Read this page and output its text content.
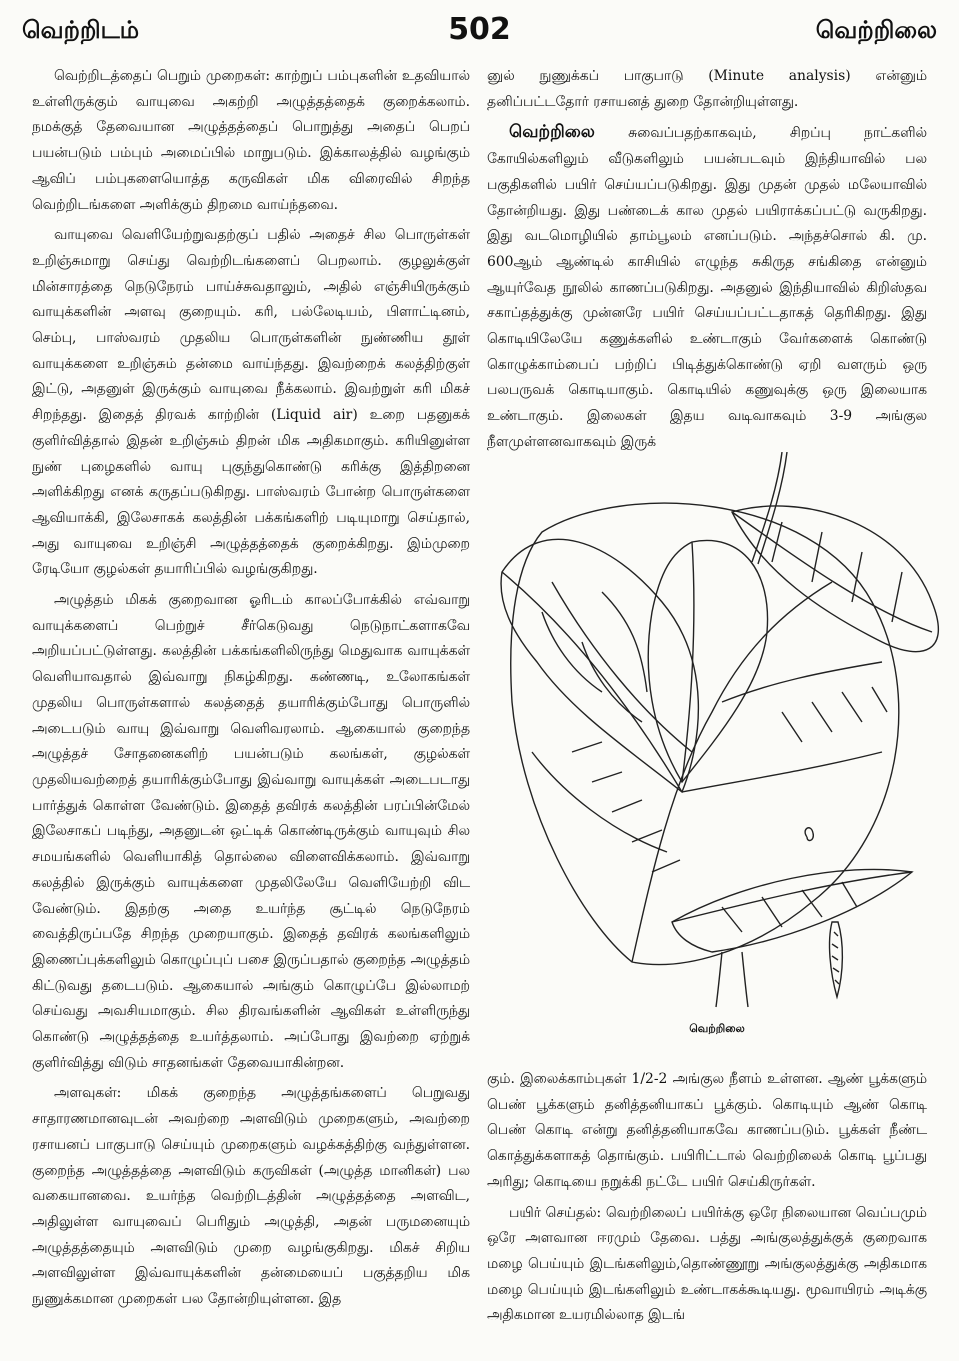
வெற்றிடம்	502	வெற்றிலை

வெற்றிடத்தைப் பெறும் முறைகள்: காற்றுப் பம்புகளின் உதவியால் உள்ளிருக்கும் வாயுவை அகற்றி அழுத்தத்தைக் குறைக்கலாம். நமக்குத் தேவையான அழுத்தத்தைப் பொறுத்து அதைப் பெறப் பயன்படும் பம்பும் அமைப்பில் மாறுபடும். இக்காலத்தில் வழங்கும் ஆவிப் பம்புகளையொத்த கருவிகள் மிக விரைவில் சிறந்த வெற்றிடங்களை அளிக்கும் திறமை வாய்ந்தவை.

வாயுவை வெளியேற்றுவதற்குப் பதில் அதைச் சில பொருள்கள் உறிஞ்சுமாறு செய்து வெற்றிடங்களைப் பெறலாம். குழலுக்குள் மின்சாரத்தை நெடுநேரம் பாய்ச்சுவதாலும், அதில் எஞ்சியிருக்கும் வாயுக்களின் அளவு குறையும். கரி, பல்லேடியம், பிளாட்டினம், செம்பு, பாஸ்வரம் முதலிய பொருள்களின் நுண்ணிய தூள் வாயுக்களை உறிஞ்சும் தன்மை வாய்ந்தது. இவற்றைக் கலத்திற்குள் இட்டு, அதனுள் இருக்கும் வாயுவை நீக்கலாம். இவற்றுள் கரி மிகச் சிறந்தது. இதைத் திரவக் காற்றின் (Liquid air) உறை பதனுகக் குளிர்வித்தால் இதன் உறிஞ்சும் திறன் மிக அதிகமாகும். கரியினுள்ள நுண் புழைகளில் வாயு புகுந்துகொண்டு கரிக்கு இத்திறனை அளிக்கிறது எனக் கருதப்படுகிறது. பாஸ்வரம் போன்ற பொருள்களை ஆவியாக்கி, இலேசாகக் கலத்தின் பக்கங்களிற் படியுமாறு செய்தால், அது வாயுவை உறிஞ்சி அழுத்தத்தைக் குறைக்கிறது. இம்முறை ரேடியோ குழல்கள் தயாரிப்பில் வழங்குகிறது.

அழுத்தம் மிகக் குறைவான ஓரிடம் காலப்போக்கில் எவ்வாறு வாயுக்களைப் பெற்றுச் சீர்கெடுவது நெடுநாட்களாகவே அறியப்பட்டுள்ளது. கலத்தின் பக்கங்களிலிருந்து மெதுவாக வாயுக்கள் வெளியாவதால் இவ்வாறு நிகழ்கிறது. கண்ணடி, உலோகங்கள் முதலிய பொருள்களால் கலத்தைத் தயாரிக்கும்போது பொருளில் அடைபடும் வாயு இவ்வாறு வெளிவரலாம். ஆகையால் குறைந்த அழுத்தச் சோதனைகளிற் பயன்படும் கலங்கள், குழல்கள் முதலியவற்றைத் தயாரிக்கும்போது இவ்வாறு வாயுக்கள் அடைபடாது பார்த்துக் கொள்ள வேண்டும். இதைத் தவிரக் கலத்தின் பரப்பின்மேல் இலேசாகப் படிந்து, அதனுடன் ஒட்டிக் கொண்டிருக்கும் வாயுவும் சில சமயங்களில் வெளியாகித் தொல்லை விளைவிக்கலாம். இவ்வாறு கலத்தில் இருக்கும் வாயுக்களை முதலிலேயே வெளியேற்றி விட வேண்டும். இதற்கு அதை உயர்ந்த சூட்டில் நெடுநேரம் வைத்திருப்பதே சிறந்த முறையாகும். இதைத் தவிரக் கலங்களிலும் இணைப்புக்களிலும் கொழுப்புப் பசை இருப்பதால் குறைந்த அழுத்தம் கிட்டுவது தடைபடும். ஆகையால் அங்கும் கொழுப்பே இல்லாமற் செய்வது அவசியமாகும். சில திரவங்களின் ஆவிகள் உள்ளிருந்து கொண்டு அழுத்தத்தை உயர்த்தலாம். அப்போது இவற்றை ஏற்றுக் குளிர்வித்து விடும் சாதனங்கள் தேவையாகின்றன.

அளவுகள்: மிகக் குறைந்த அழுத்தங்களைப் பெறுவது சாதாரணமானவுடன் அவற்றை அளவிடும் முறைகளும், அவற்றை ரசாயனப் பாகுபாடு செய்யும் முறைகளும் வழக்கத்திற்கு வந்துள்ளன. குறைந்த அழுத்தத்தை அளவிடும் கருவிகள் (அழுத்த மானிகள்) பல வகையானவை. உயர்ந்த வெற்றிடத்தின் அழுத்தத்தை அளவிட, அதிலுள்ள வாயுவைப் பெரிதும் அழுத்தி, அதன் பருமனையும் அழுத்தத்தையும் அளவிடும் முறை வழங்குகிறது. மிகச் சிறிய அளவிலுள்ள இவ்வாயுக்களின் தன்மையைப் பகுத்தறிய மிக நுணுக்கமான முறைகள் பல தோன்றியுள்ளன. இத

னுல் நுணுக்கப் பாகுபாடு (Minute analysis) என்னும் தனிப்பட்டதோர் ரசாயனத் துறை தோன்றியுள்ளது.

வெற்றிலை சுவைப்பதற்காகவும், சிறப்பு நாட்களில் கோயில்களிலும் வீடுகளிலும் பயன்படவும் இந்தியாவில் பல பகுதிகளில் பயிர் செய்யப்படுகிறது. இது முதன் முதல் மலேயாவில் தோன்றியது. இது பண்டைக் கால முதல் பயிராக்கப்பட்டு வருகிறது. இது வடமொழியில் தாம்பூலம் எனப்படும். அந்தச்சொல் கி. மு. 600ஆம் ஆண்டில் காசியில் எழுந்த சுகிருத சங்கிதை என்னும் ஆயுர்வேத நூலில் காணப்படுகிறது. அதனுல் இந்தியாவில் கிறிஸ்தவ சகாப்தத்துக்கு முன்னரே பயிர் செய்யப்பட்டதாகத் தெரிகிறது. இது கொடியிலேயே கணுக்களில் உண்டாகும் வேர்களைக் கொண்டு கொழுக்காம்பைப் பற்றிப் பிடித்துக்கொண்டு ஏறி வளரும் ஒரு பலபருவக் கொடியாகும். கொடியில் கணுவுக்கு ஒரு இலையாக உண்டாகும். இலைகள் இதய வடிவாகவும் 3-9 அங்குல நீளமுள்ளனவாகவும் இருக்

வெற்றிலை

கும். இலைக்காம்புகள் 1/2-2 அங்குல நீளம் உள்ளன. ஆண் பூக்களும் பெண் பூக்களும் தனித்தனியாகப் பூக்கும். கொடியும் ஆண் கொடி பெண் கொடி என்று தனித்தனியாகவே காணப்படும். பூக்கள் நீண்ட கொத்துக்களாகத் தொங்கும். பயிரிட்டால் வெற்றிலைக் கொடி பூப்பது அரிது; கொடியை நறுக்கி நட்டே பயிர் செய்கிருர்கள்.

பயிர் செய்தல்: வெற்றிலைப் பயிர்க்கு ஒரே நிலையான வெப்பமும் ஒரே அளவான ஈரமும் தேவை. பத்து அங்குலத்துக்குக் குறைவாக மழை பெய்யும் இடங்களிலும்,தொண்ணூறு அங்குலத்துக்கு அதிகமாக மழை பெய்யும் இடங்களிலும் உண்டாகக்கூடியது. மூவாயிரம் அடிக்கு அதிகமான உயரமில்லாத இடங்
